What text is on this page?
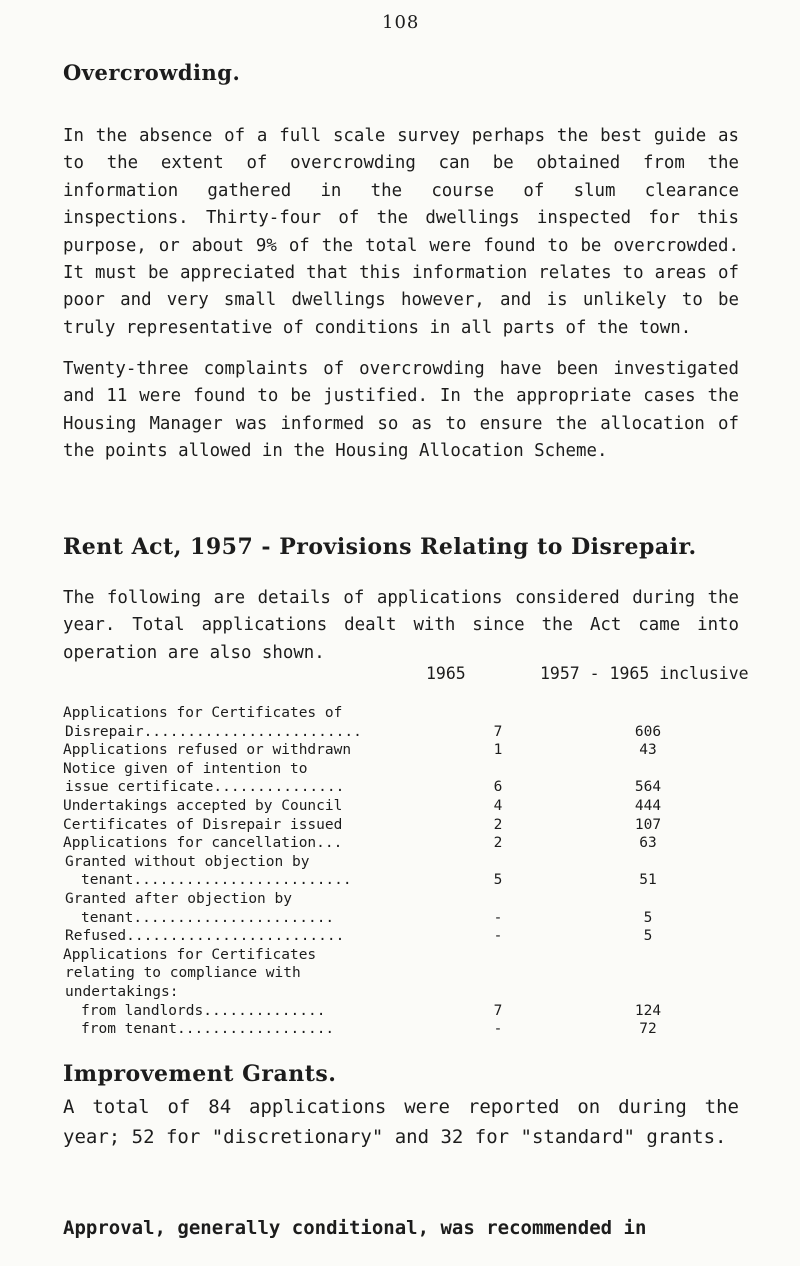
108
Overcrowding.

In the absence of a full scale survey perhaps the best guide as to the extent of overcrowding can be obtained from the information gathered in the course of slum clearance inspections. Thirty-four of the dwellings inspected for this purpose, or about 9% of the total were found to be overcrowded. It must be appreciated that this information relates to areas of poor and very small dwellings however, and is unlikely to be truly representative of conditions in all parts of the town.

Twenty-three complaints of overcrowding have been investigated and 11 were found to be justified. In the appropriate cases the Housing Manager was informed so as to ensure the allocation of the points allowed in the Housing Allocation Scheme.

Rent Act, 1957 - Provisions Relating to Disrepair.

The following are details of applications considered during the year. Total applications dealt with since the Act came into operation are also shown.

1965	1957 - 1965 inclusive
Applications for Certificates of
Disrepair.........................	7	606
Applications refused or withdrawn	1	43
Notice given of intention to
issue certificate...............	6	564
Undertakings accepted by Council	4	444
Certificates of Disrepair issued	2	107
Applications for cancellation...	2	63
Granted without objection by
tenant.........................	5	51
Granted after objection by
tenant.......................	-	5
Refused.........................	-	5
Applications for Certificates
relating to compliance with
undertakings:
from landlords..............	7	124
from tenant..................	-	72
Improvement Grants.

A total of 84 applications were reported on during the year; 52 for "discretionary" and 32 for "standard" grants.

Approval, generally conditional, was recommended in
